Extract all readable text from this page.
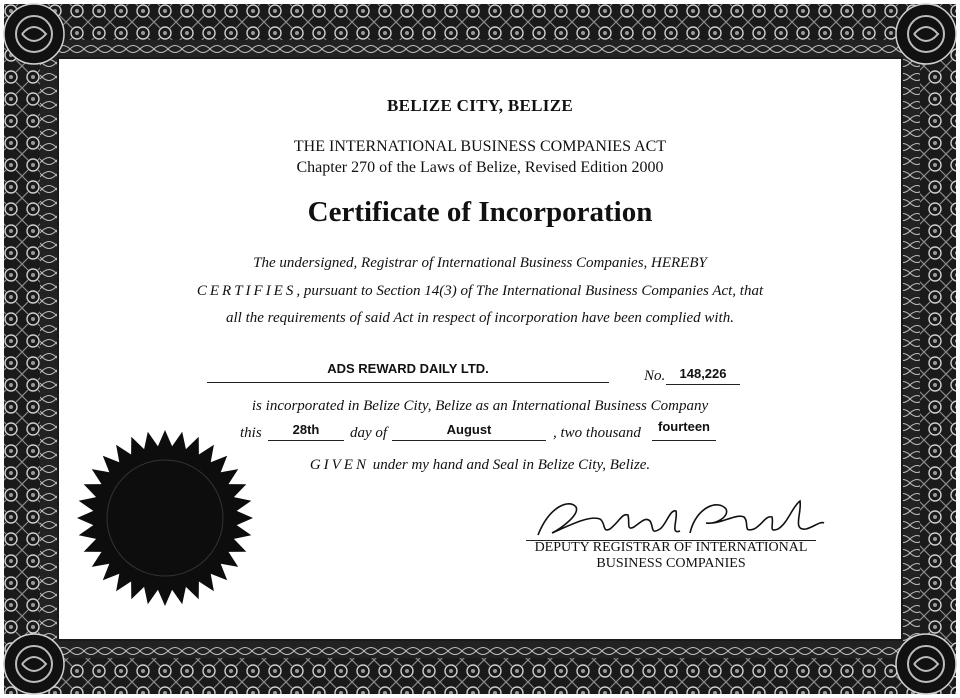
BELIZE CITY, BELIZE
THE INTERNATIONAL BUSINESS COMPANIES ACT
Chapter 270 of the Laws of Belize, Revised Edition 2000
Certificate of Incorporation
The undersigned, Registrar of International Business Companies, HEREBY
CERTIFIES, pursuant to Section 14(3) of The International Business Companies Act, that
all the requirements of said Act in respect of incorporation have been complied with.
ADS REWARD DAILY LTD.	No.	148,226
is incorporated in Belize City, Belize as an International Business Company
this	28th	day of	August	, two thousand	fourteen
GIVEN under my hand and Seal in Belize City, Belize.
DEPUTY REGISTRAR OF INTERNATIONAL
BUSINESS COMPANIES
